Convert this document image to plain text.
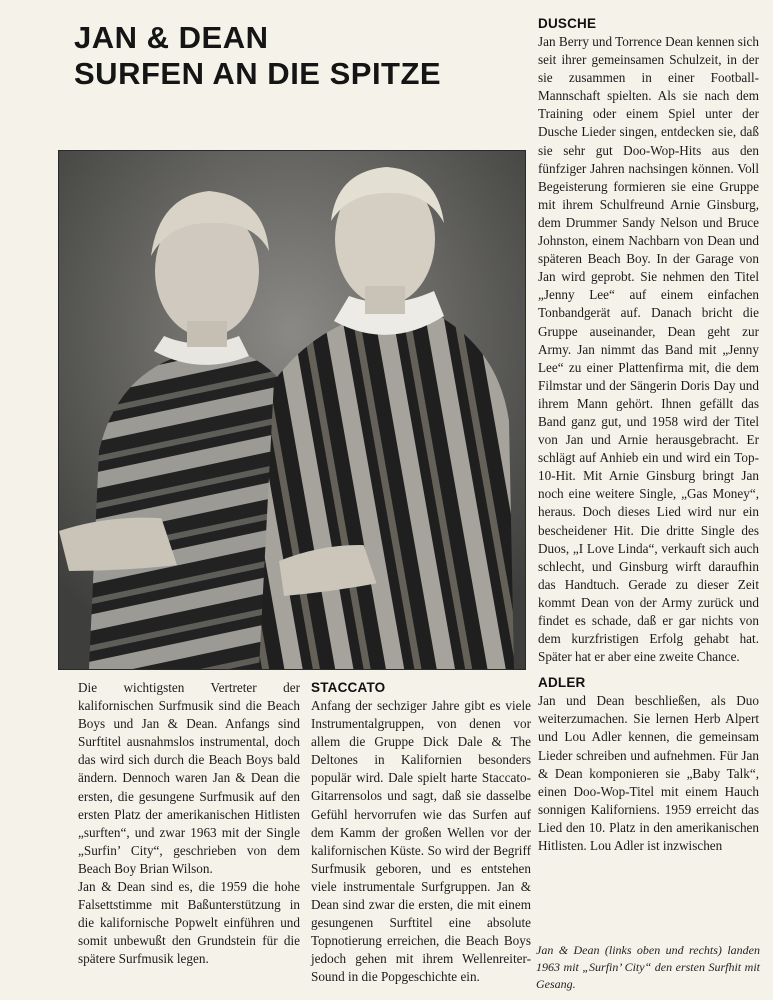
JAN & DEAN
SURFEN AN DIE SPITZE

Die wichtigsten Vertreter der kalifornischen Surfmusik sind die Beach Boys und Jan & Dean. Anfangs sind Surftitel ausnahmslos instrumental, doch das wird sich durch die Beach Boys bald ändern. Dennoch waren Jan & Dean die ersten, die gesungene Surfmusik auf den ersten Platz der amerikanischen Hitlisten „surften“, und zwar 1963 mit der Single „Surfin’ City“, geschrieben von dem Beach Boy Brian Wilson.

Jan & Dean sind es, die 1959 die hohe Falsettstimme mit Baßunterstützung in die kalifornische Popwelt einführen und somit unbewußt den Grundstein für die spätere Surfmusik legen.

STACCATO

Anfang der sechziger Jahre gibt es viele Instrumentalgruppen, von denen vor allem die Gruppe Dick Dale & The Deltones in Kalifornien besonders populär wird. Dale spielt harte Staccato-Gitarrensolos und sagt, daß sie dasselbe Gefühl hervorrufen wie das Surfen auf dem Kamm der großen Wellen vor der kalifornischen Küste. So wird der Begriff Surfmusik geboren, und es entstehen viele instrumentale Surfgruppen. Jan & Dean sind zwar die ersten, die mit einem gesungenen Surftitel eine absolute Topnotierung erreichen, die Beach Boys jedoch gehen mit ihrem Wellenreiter-Sound in die Popgeschichte ein.

DUSCHE

Jan Berry und Torrence Dean kennen sich seit ihrer gemeinsamen Schulzeit, in der sie zusammen in einer Football-Mannschaft spielten. Als sie nach dem Training oder einem Spiel unter der Dusche Lieder singen, entdecken sie, daß sie sehr gut Doo-Wop-Hits aus den fünfziger Jahren nachsingen können. Voll Begeisterung formieren sie eine Gruppe mit ihrem Schulfreund Arnie Ginsburg, dem Drummer Sandy Nelson und Bruce Johnston, einem Nachbarn von Dean und späteren Beach Boy. In der Garage von Jan wird geprobt. Sie nehmen den Titel „Jenny Lee“ auf einem einfachen Tonbandgerät auf. Danach bricht die Gruppe auseinander, Dean geht zur Army. Jan nimmt das Band mit „Jenny Lee“ zu einer Plattenfirma mit, die dem Filmstar und der Sängerin Doris Day und ihrem Mann gehört. Ihnen gefällt das Band ganz gut, und 1958 wird der Titel von Jan und Arnie herausgebracht. Er schlägt auf Anhieb ein und wird ein Top-10-Hit. Mit Arnie Ginsburg bringt Jan noch eine weitere Single, „Gas Money“, heraus. Doch dieses Lied wird nur ein bescheidener Hit. Die dritte Single des Duos, „I Love Linda“, verkauft sich auch schlecht, und Ginsburg wirft daraufhin das Handtuch. Gerade zu dieser Zeit kommt Dean von der Army zurück und findet es schade, daß er gar nichts von dem kurzfristigen Erfolg gehabt hat. Später hat er aber eine zweite Chance.

ADLER

Jan und Dean beschließen, als Duo weiterzumachen. Sie lernen Herb Alpert und Lou Adler kennen, die gemeinsam Lieder schreiben und aufnehmen. Für Jan & Dean komponieren sie „Baby Talk“, einen Doo-Wop-Titel mit einem Hauch sonnigen Kaliforniens. 1959 erreicht das Lied den 10. Platz in den amerikanischen Hitlisten. Lou Adler ist inzwischen

Jan & Dean (links oben und rechts) landen 1963 mit „Surfin’ City“ den ersten Surfhit mit Gesang.
